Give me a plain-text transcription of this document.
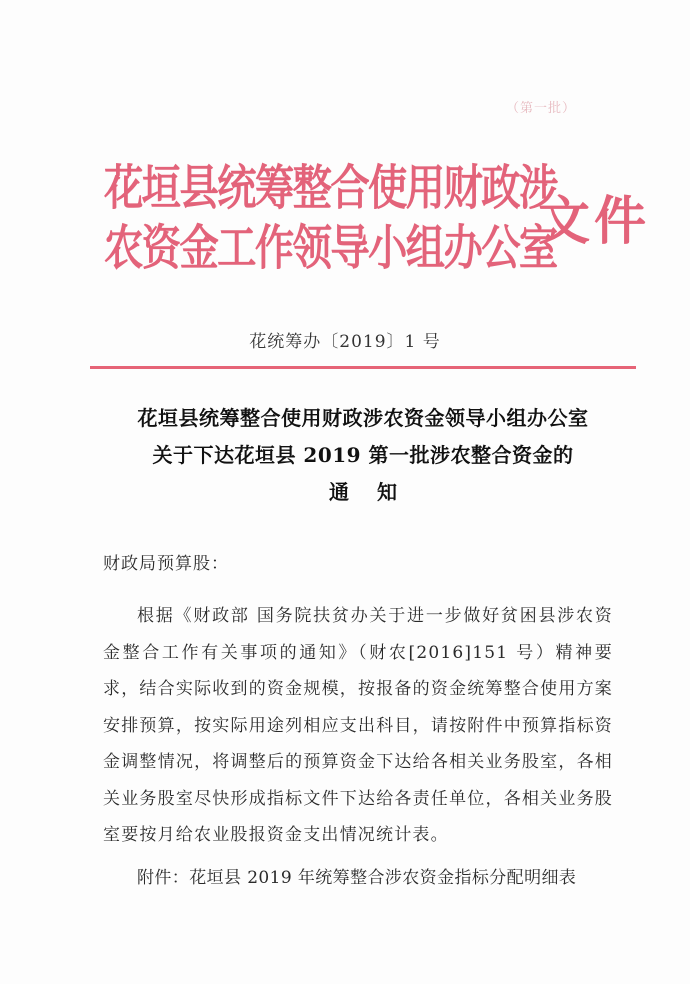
（第一批）
花垣县统筹整合使用财政涉
农资金工作领导小组办公室
文件
花统筹办〔2019〕1 号
花垣县统筹整合使用财政涉农资金领导小组办公室
关于下达花垣县 2019 第一批涉农整合资金的
通知
财政局预算股：
根据《财政部 国务院扶贫办关于进一步做好贫困县涉农资金整合工作有关事项的通知》（财农[2016]151 号）精神要求，结合实际收到的资金规模，按报备的资金统筹整合使用方案安排预算，按实际用途列相应支出科目，请按附件中预算指标资金调整情况，将调整后的预算资金下达给各相关业务股室，各相关业务股室尽快形成指标文件下达给各责任单位，各相关业务股室要按月给农业股报资金支出情况统计表。
附件：花垣县 2019 年统筹整合涉农资金指标分配明细表
